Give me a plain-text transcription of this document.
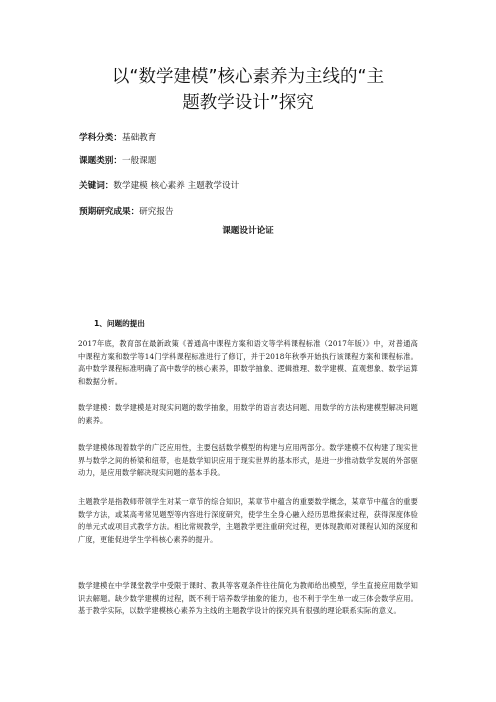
以“数学建模”核心素养为主线的“主
题教学设计”探究
学科分类：基础教育
课题类别：一般课题
关键词：数学建模 核心素养 主题教学设计
预期研究成果：研究报告
课题设计论证
1、问题的提出
2017年底，教育部在最新政策《普通高中课程方案和语文等学科课程标准（2017年版）》中，对普通高中课程方案和数学等14门学科课程标准进行了修订，并于2018年秋季开始执行该课程方案和课程标准。高中数学课程标准明确了高中数学的核心素养，即数学抽象、逻辑推理、数学建模、直观想象、数学运算和数据分析。
数学建模：数学建模是对现实问题的数学抽象，用数学的语言表达问题、用数学的方法构建模型解决问题的素养。
数学建模体现着数学的广泛应用性，主要包括数学模型的构建与应用两部分。数学建模不仅构建了现实世界与数学之间的桥梁和纽带，也是数学知识应用于现实世界的基本形式，是进一步推动数学发展的外部驱动力，是应用数学解决现实问题的基本手段。
主题教学是指教师带领学生对某一章节的综合知识，某章节中蕴含的重要数学概念，某章节中蕴含的重要数学方法，或某高考常见题型等内容进行深度研究，使学生全身心融入经历思维探索过程，获得深度体验的单元式或项目式教学方法。相比常规教学，主题教学更注重研究过程，更体现教师对课程认知的深度和广度，更能促进学生学科核心素养的提升。
数学建模在中学课堂教学中受限于课时、教具等客观条件往往简化为教师给出模型，学生直接应用数学知识去解题。缺少数学建模的过程，既不利于培养数学抽象的能力，也不利于学生单一或三体会数学应用。基于教学实际，以数学建模核心素养为主线的主题教学设计的探究具有很强的理论联系实际的意义。
